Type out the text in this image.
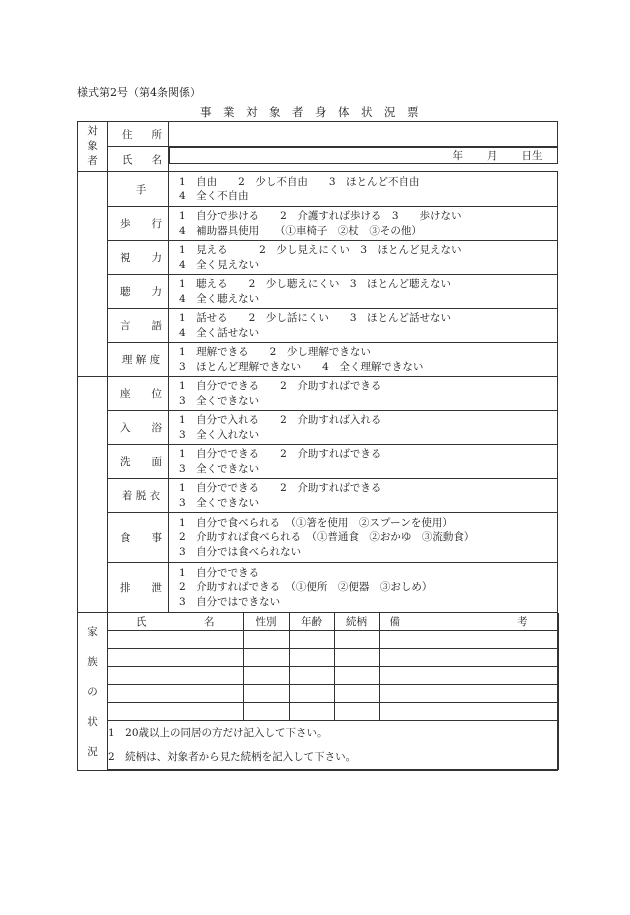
様式第2号（第4条関係）
事　業　対　象　者　身　体　状　況　票
対
象
者

住 所

氏 名
		年 月 日生

	手	
1　自由　　2　少し不自由　　3　ほとんど不自由
4　全く不自由

歩　　行	
1　自分で歩ける　　2　介護すれば歩ける　3　　歩けない
4　補助器具使用　　（①車椅子　②杖　③その他）

視　　力	
1　見える　　　2　少し見えにくい　3　ほとんど見えない
4　全く見えない

聴　　力	
1　聴える　　2　少し聴えにくい　3　ほとんど聴えない
4　全く聴えない

言　　語	
1　話せる　　2　少し話にくい　　3　ほとんど話せない
4　全く話せない

理 解 度	
1　理解できる　　2　少し理解できない
3　ほとんど理解できない　　4　全く理解できない

	座　　位	
1　自分でできる　　2　介助すればできる
3　全くできない

入　　浴	
1　自分で入れる　　2　介助すれば入れる
3　全く入れない

洗　　面	
1　自分でできる　　2　介助すればできる
3　全くできない

着 脱 衣	
1　自分でできる　　2　介助すればできる
3　全くできない

食　　事	
1　自分で食べられる　（①箸を使用　②スプーンを使用）
2　介助すれば食べられる　（①普通食　②おかゆ　③流動食）
3　自分では食べられない

排　　泄	
1　自分でできる
2　介助すればできる　（①便所　②便器　③おしめ）
3　自分ではできない

家
族
の
状
況

氏	名	性別	年齢	続柄	備	考

1　20歳以上の同居の方だけ記入して下さい。
2　続柄は、対象者から見た続柄を記入して下さい。
